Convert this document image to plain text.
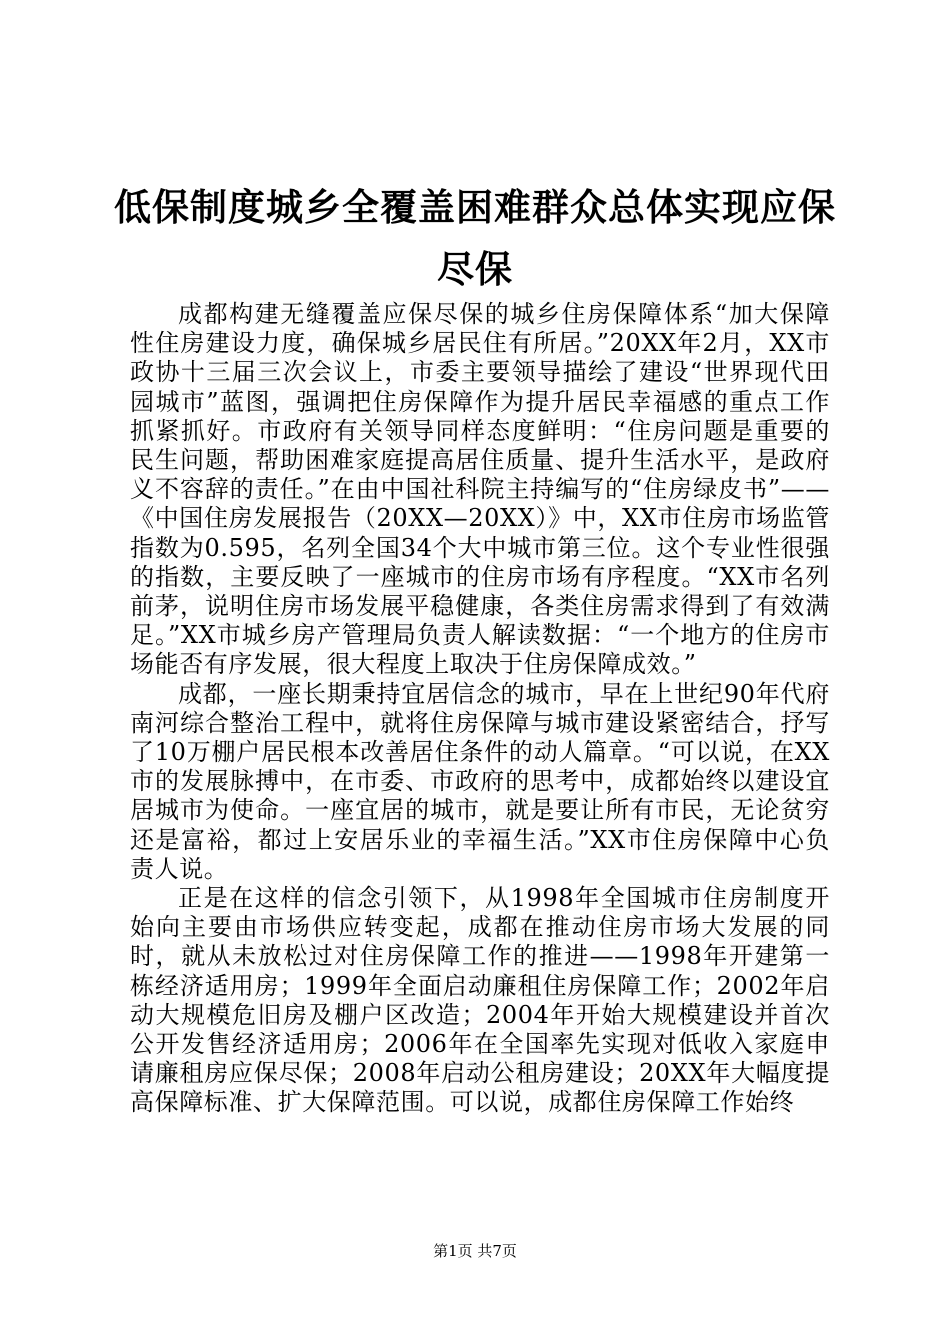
低保制度城乡全覆盖困难群众总体实现应保尽保

成都构建无缝覆盖应保尽保的城乡住房保障体系“加大保障性住房建设力度，确保城乡居民住有所居。”20XX年2月，XX市政协十三届三次会议上，市委主要领导描绘了建设“世界现代田园城市”蓝图，强调把住房保障作为提升居民幸福感的重点工作抓紧抓好。市政府有关领导同样态度鲜明：“住房问题是重要的民生问题，帮助困难家庭提高居住质量、提升生活水平，是政府义不容辞的责任。”在由中国社科院主持编写的“住房绿皮书”——《中国住房发展报告（20XX—20XX）》中，XX市住房市场监管指数为0.595，名列全国34个大中城市第三位。这个专业性很强的指数，主要反映了一座城市的住房市场有序程度。“XX市名列前茅，说明住房市场发展平稳健康，各类住房需求得到了有效满足。”XX市城乡房产管理局负责人解读数据：“一个地方的住房市场能否有序发展，很大程度上取决于住房保障成效。”

成都，一座长期秉持宜居信念的城市，早在上世纪90年代府南河综合整治工程中，就将住房保障与城市建设紧密结合，抒写了10万棚户居民根本改善居住条件的动人篇章。“可以说，在XX市的发展脉搏中，在市委、市政府的思考中，成都始终以建设宜居城市为使命。一座宜居的城市，就是要让所有市民，无论贫穷还是富裕，都过上安居乐业的幸福生活。”XX市住房保障中心负责人说。

正是在这样的信念引领下，从1998年全国城市住房制度开始向主要由市场供应转变起，成都在推动住房市场大发展的同时，就从未放松过对住房保障工作的推进——1998年开建第一栋经济适用房；1999年全面启动廉租住房保障工作；2002年启动大规模危旧房及棚户区改造；2004年开始大规模建设并首次公开发售经济适用房；2006年在全国率先实现对低收入家庭申请廉租房应保尽保；2008年启动公租房建设；20XX年大幅度提高保障标准、扩大保障范围。可以说，成都住房保障工作始终

第1页 共7页
